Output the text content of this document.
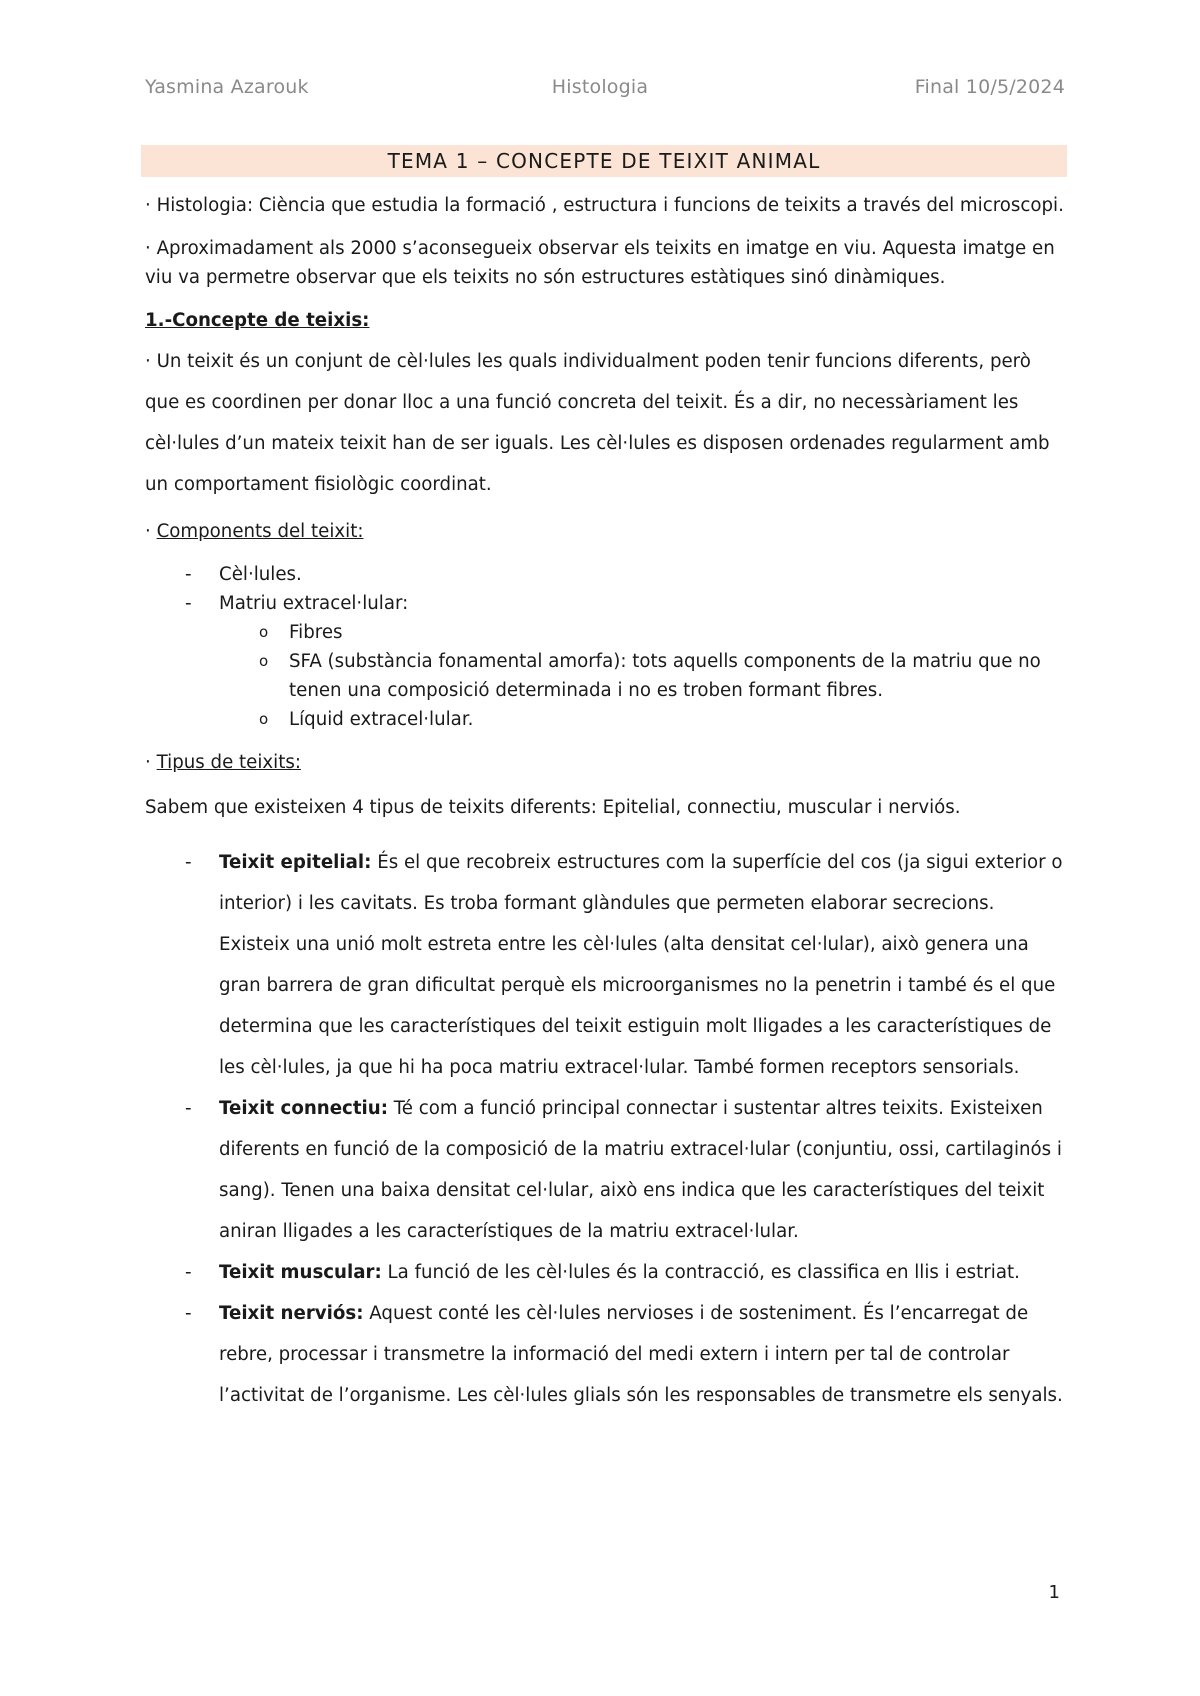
Yasmina Azarouk	Histologia	Final 10/5/2024
TEMA 1 – CONCEPTE DE TEIXIT ANIMAL

· Histologia: Ciència que estudia la formació , estructura i funcions de teixits a través del microscopi.

· Aproximadament als 2000 s’aconsegueix observar els teixits en imatge en viu. Aquesta imatge en viu va permetre observar que els teixits no són estructures estàtiques sinó dinàmiques.

1.-Concepte de teixis:

· Un teixit és un conjunt de cèl·lules les quals individualment poden tenir funcions diferents, però que es coordinen per donar lloc a una funció concreta del teixit. És a dir, no necessàriament les cèl·lules d’un mateix teixit han de ser iguals. Les cèl·lules es disposen ordenades regularment amb un comportament fisiològic coordinat.

· Components del teixit:

- Cèl·lules.
- Matriu extracel·lular:
o Fibres
o SFA (substància fonamental amorfa): tots aquells components de la matriu que no tenen una composició determinada i no es troben formant fibres.
o Líquid extracel·lular.

· Tipus de teixits:

Sabem que existeixen 4 tipus de teixits diferents: Epitelial, connectiu, muscular i nerviós.

- Teixit epitelial: És el que recobreix estructures com la superfície del cos (ja sigui exterior o interior) i les cavitats. Es troba formant glàndules que permeten elaborar secrecions. Existeix una unió molt estreta entre les cèl·lules (alta densitat cel·lular), això genera una gran barrera de gran dificultat perquè els microorganismes no la penetrin i també és el que determina que les característiques del teixit estiguin molt lligades a les característiques de les cèl·lules, ja que hi ha poca matriu extracel·lular. També formen receptors sensorials.
- Teixit connectiu: Té com a funció principal connectar i sustentar altres teixits. Existeixen diferents en funció de la composició de la matriu extracel·lular (conjuntiu, ossi, cartilaginós i sang). Tenen una baixa densitat cel·lular, això ens indica que les característiques del teixit aniran lligades a les característiques de la matriu extracel·lular.
- Teixit muscular: La funció de les cèl·lules és la contracció, es classifica en llis i estriat.
- Teixit nerviós: Aquest conté les cèl·lules nervioses i de sosteniment. És l’encarregat de rebre, processar i transmetre la informació del medi extern i intern per tal de controlar l’activitat de l’organisme. Les cèl·lules glials són les responsables de transmetre els senyals.
1
